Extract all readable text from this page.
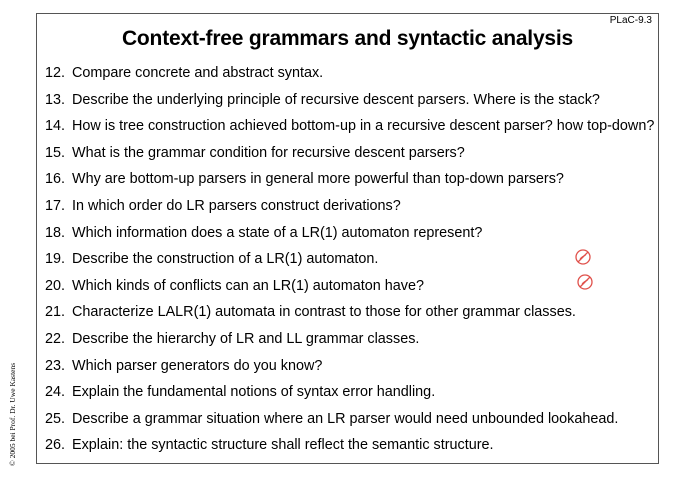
PLaC-9.3
Context-free grammars and syntactic analysis
12. Compare concrete and abstract syntax.
13. Describe the underlying principle of recursive descent parsers. Where is the stack?
14. How is tree construction achieved bottom-up in a recursive descent parser? how top-down?
15. What is the grammar condition for recursive descent parsers?
16. Why are bottom-up parsers in general more powerful than top-down parsers?
17. In which order do LR parsers construct derivations?
18. Which information does a state of a LR(1) automaton represent?
19. Describe the construction of a LR(1) automaton.
20. Which kinds of conflicts can an LR(1) automaton have?
21. Characterize LALR(1) automata in contrast to those for other grammar classes.
22. Describe the hierarchy of LR and LL grammar classes.
23. Which parser generators do you know?
24. Explain the fundamental notions of syntax error handling.
25. Describe a grammar situation where an LR parser would need unbounded lookahead.
26. Explain: the syntactic structure shall reflect the semantic structure.
© 2005 bei Prof. Dr. Uwe Kastens
